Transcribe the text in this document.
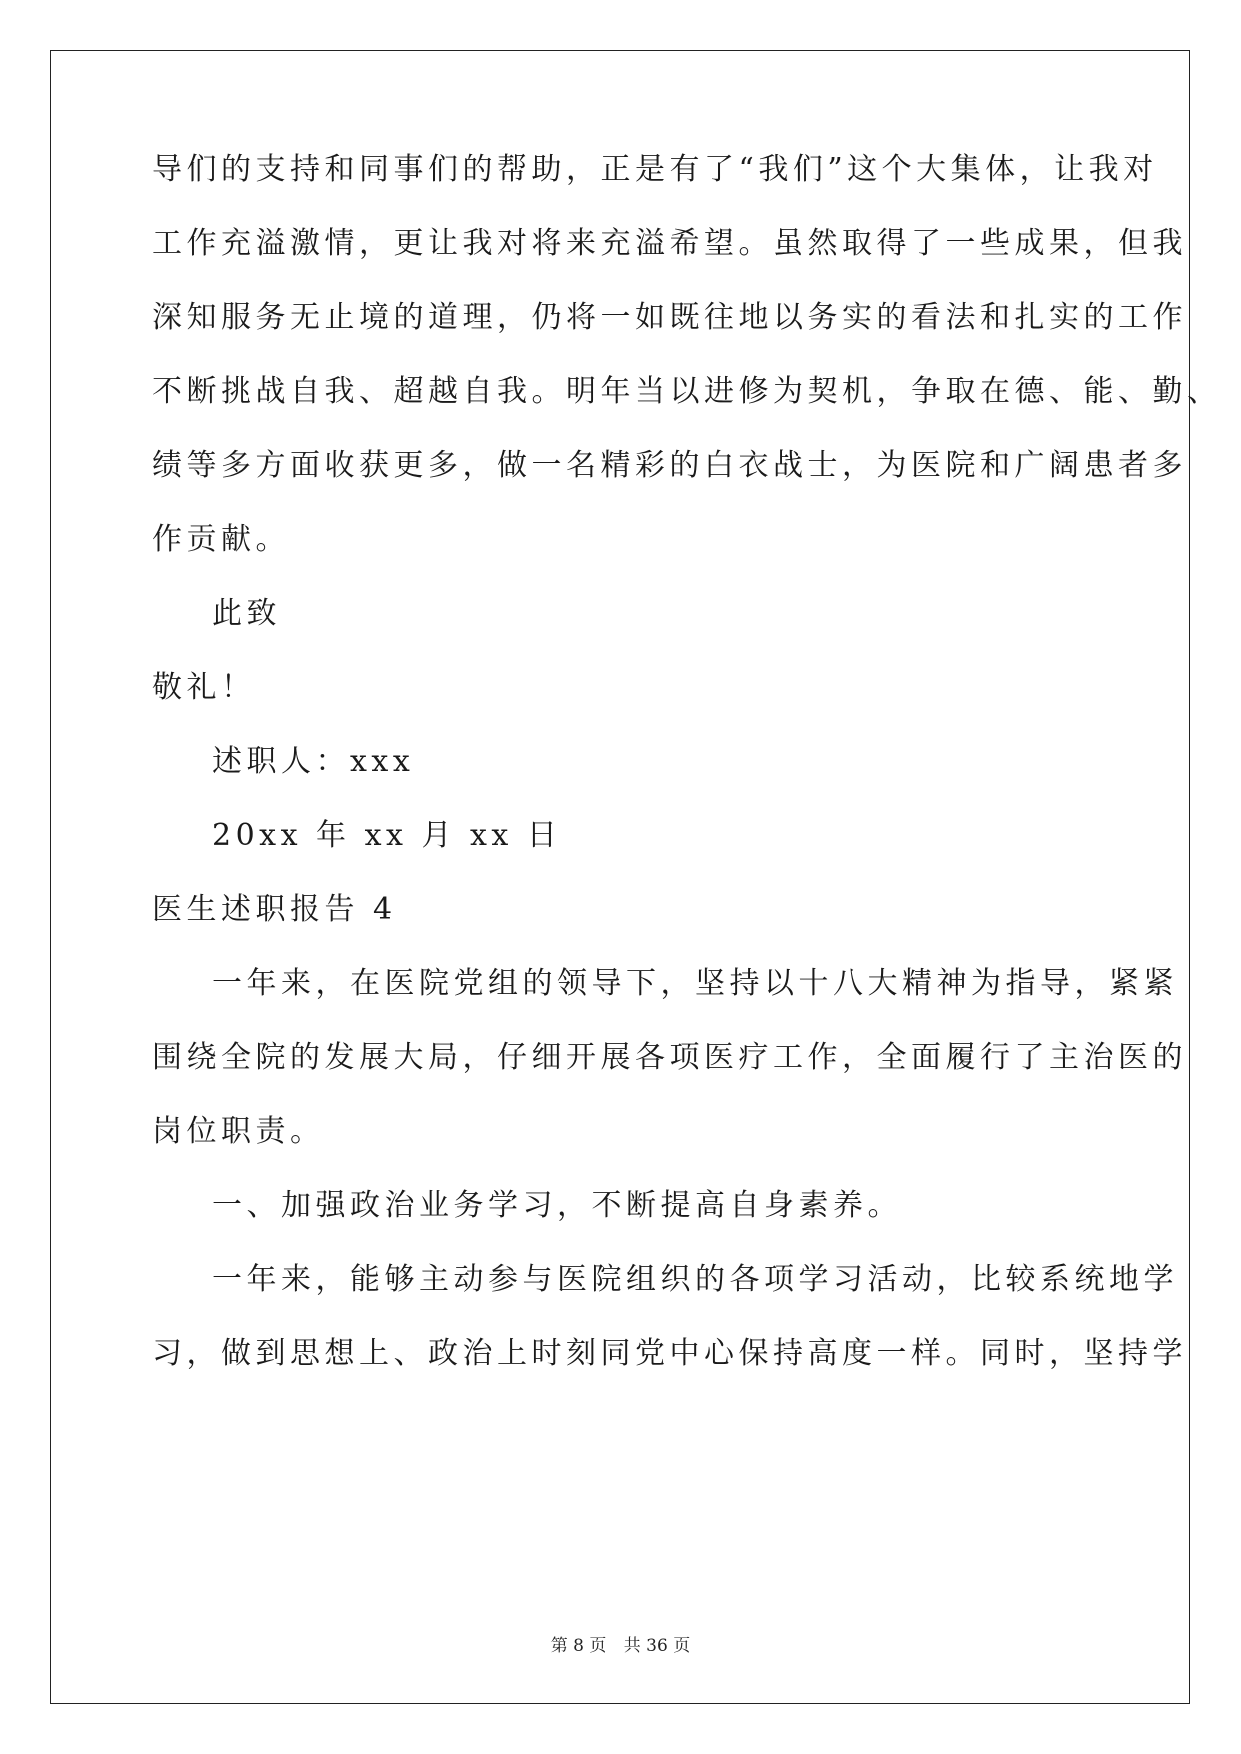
导们的支持和同事们的帮助，正是有了“我们”这个大集体，让我对
工作充溢激情，更让我对将来充溢希望。虽然取得了一些成果，但我
深知服务无止境的道理，仍将一如既往地以务实的看法和扎实的工作
不断挑战自我、超越自我。明年当以进修为契机，争取在德、能、勤、
绩等多方面收获更多，做一名精彩的白衣战士，为医院和广阔患者多
作贡献。
此致
敬礼！
述职人：xxx
20xx 年 xx 月 xx 日
医生述职报告 4
一年来，在医院党组的领导下，坚持以十八大精神为指导，紧紧
围绕全院的发展大局，仔细开展各项医疗工作，全面履行了主治医的
岗位职责。
一、加强政治业务学习，不断提高自身素养。
一年来，能够主动参与医院组织的各项学习活动，比较系统地学
习，做到思想上、政治上时刻同党中心保持高度一样。同时，坚持学
第 8 页 共 36 页
